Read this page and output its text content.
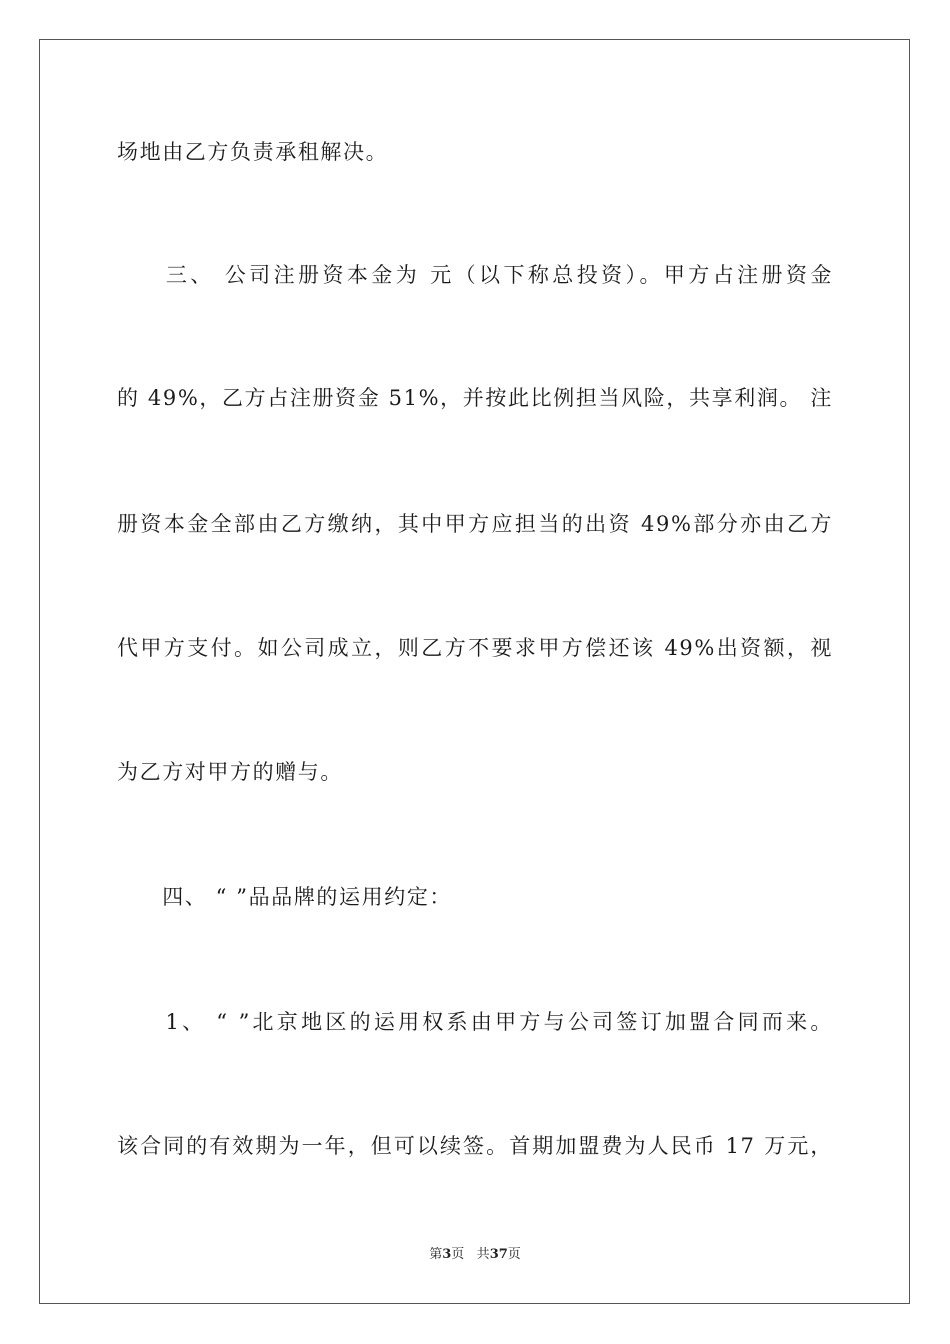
场地由乙方负责承租解决。
　　三、 公司注册资本金为 元（以下称总投资）。甲方占注册资金
的 49%，乙方占注册资金 51%，并按此比例担当风险，共享利润。 注
册资本金全部由乙方缴纳，其中甲方应担当的出资 49%部分亦由乙方
代甲方支付。如公司成立，则乙方不要求甲方偿还该 49%出资额，视
为乙方对甲方的赠与。
　　四、 “ ”品品牌的运用约定：
　　1、 “ ”北京地区的运用权系由甲方与公司签订加盟合同而来。
该合同的有效期为一年，但可以续签。首期加盟费为人民币 17 万元，
第3页 共37页
